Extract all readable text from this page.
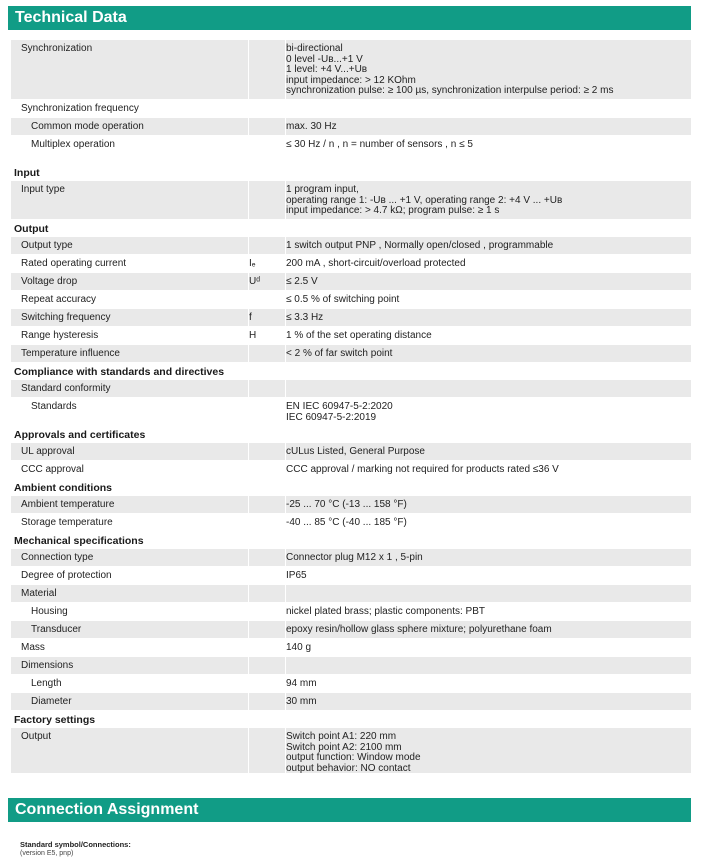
Technical Data
Synchronization	bi-directional
0 level -Uʙ...+1 V
1 level: +4 V...+Uʙ
input impedance: > 12 KOhm
synchronization pulse: ≥ 100 µs, synchronization interpulse period: ≥ 2 ms
Synchronization frequency
Common mode operation	max. 30 Hz
Multiplex operation	≤ 30 Hz / n , n = number of sensors , n ≤ 5
Input
Input type	1 program input,
operating range 1: -Uʙ ... +1 V, operating range 2: +4 V ... +Uʙ
input impedance: > 4.7 kΩ; program pulse: ≥ 1 s
Output
Output type	1 switch output PNP , Normally open/closed , programmable
Rated operating current	Iₑ	200 mA , short-circuit/overload protected
Voltage drop	Uᵈ	≤ 2.5 V
Repeat accuracy	≤ 0.5 % of switching point
Switching frequency	f	≤ 3.3 Hz
Range hysteresis	H	1 % of the set operating distance
Temperature influence	< 2 % of far switch point
Compliance with standards and directives
Standard conformity
Standards	EN IEC 60947-5-2:2020
IEC 60947-5-2:2019
Approvals and certificates
UL approval	cULus Listed, General Purpose
CCC approval	CCC approval / marking not required for products rated ≤36 V
Ambient conditions
Ambient temperature	-25 ... 70 °C (-13 ... 158 °F)
Storage temperature	-40 ... 85 °C (-40 ... 185 °F)
Mechanical specifications
Connection type	Connector plug M12 x 1 , 5-pin
Degree of protection	IP65
Material
Housing	nickel plated brass; plastic components: PBT
Transducer	epoxy resin/hollow glass sphere mixture; polyurethane foam
Mass	140 g
Dimensions
Length	94 mm
Diameter	30 mm
Factory settings
Output	Switch point A1: 220 mm
Switch point A2: 2100 mm
output function: Window mode
output behavior: NO contact
Connection Assignment
Standard symbol/Connections:
(version E5, pnp)
